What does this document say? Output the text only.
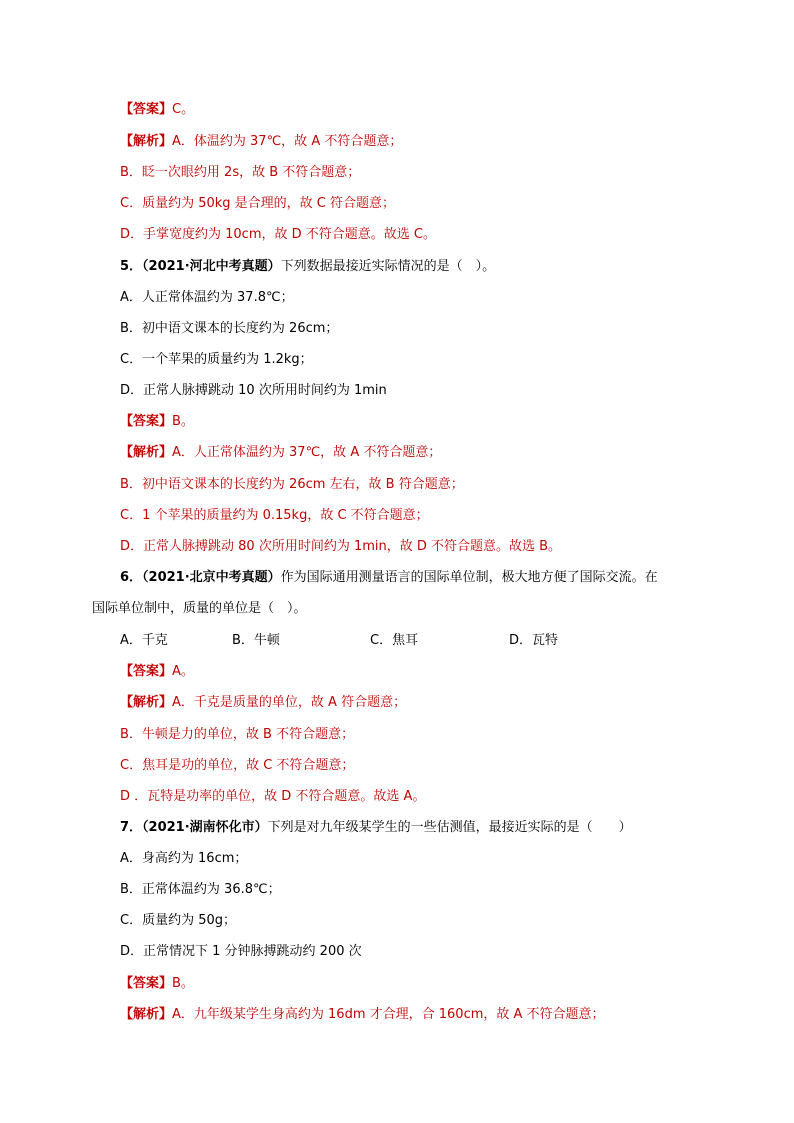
【答案】C。
【解析】A．体温约为 37℃，故 A 不符合题意；
B．眨一次眼约用 2s，故 B 不符合题意；
C．质量约为 50kg 是合理的，故 C 符合题意；
D．手掌宽度约为 10cm，故 D 不符合题意。故选 C。
5．（2021·河北中考真题）下列数据最接近实际情况的是（　）。
A．人正常体温约为 37.8℃；
B．初中语文课本的长度约为 26cm；
C．一个苹果的质量约为 1.2kg；
D．正常人脉搏跳动 10 次所用时间约为 1min
【答案】B。
【解析】A．人正常体温约为 37℃，故 A 不符合题意；
B．初中语文课本的长度约为 26cm 左右，故 B 符合题意；
C．1 个苹果的质量约为 0.15kg，故 C 不符合题意；
D．正常人脉搏跳动 80 次所用时间约为 1min，故 D 不符合题意。故选 B。
6．（2021·北京中考真题）作为国际通用测量语言的国际单位制，极大地方便了国际交流。在
国际单位制中，质量的单位是（　）。
A．千克	B．牛顿	C．焦耳	D．瓦特
【答案】A。
【解析】A．千克是质量的单位，故 A 符合题意；
B．牛顿是力的单位，故 B 不符合题意；
C．焦耳是功的单位，故 C 不符合题意；
D ．瓦特是功率的单位，故 D 不符合题意。故选 A。
7．（2021·湖南怀化市）下列是对九年级某学生的一些估测值，最接近实际的是（　　）
A．身高约为 16cm；
B．正常体温约为 36.8℃；
C．质量约为 50g；
D．正常情况下 1 分钟脉搏跳动约 200 次
【答案】B。
【解析】A．九年级某学生身高约为 16dm 才合理，合 160cm，故 A 不符合题意；
